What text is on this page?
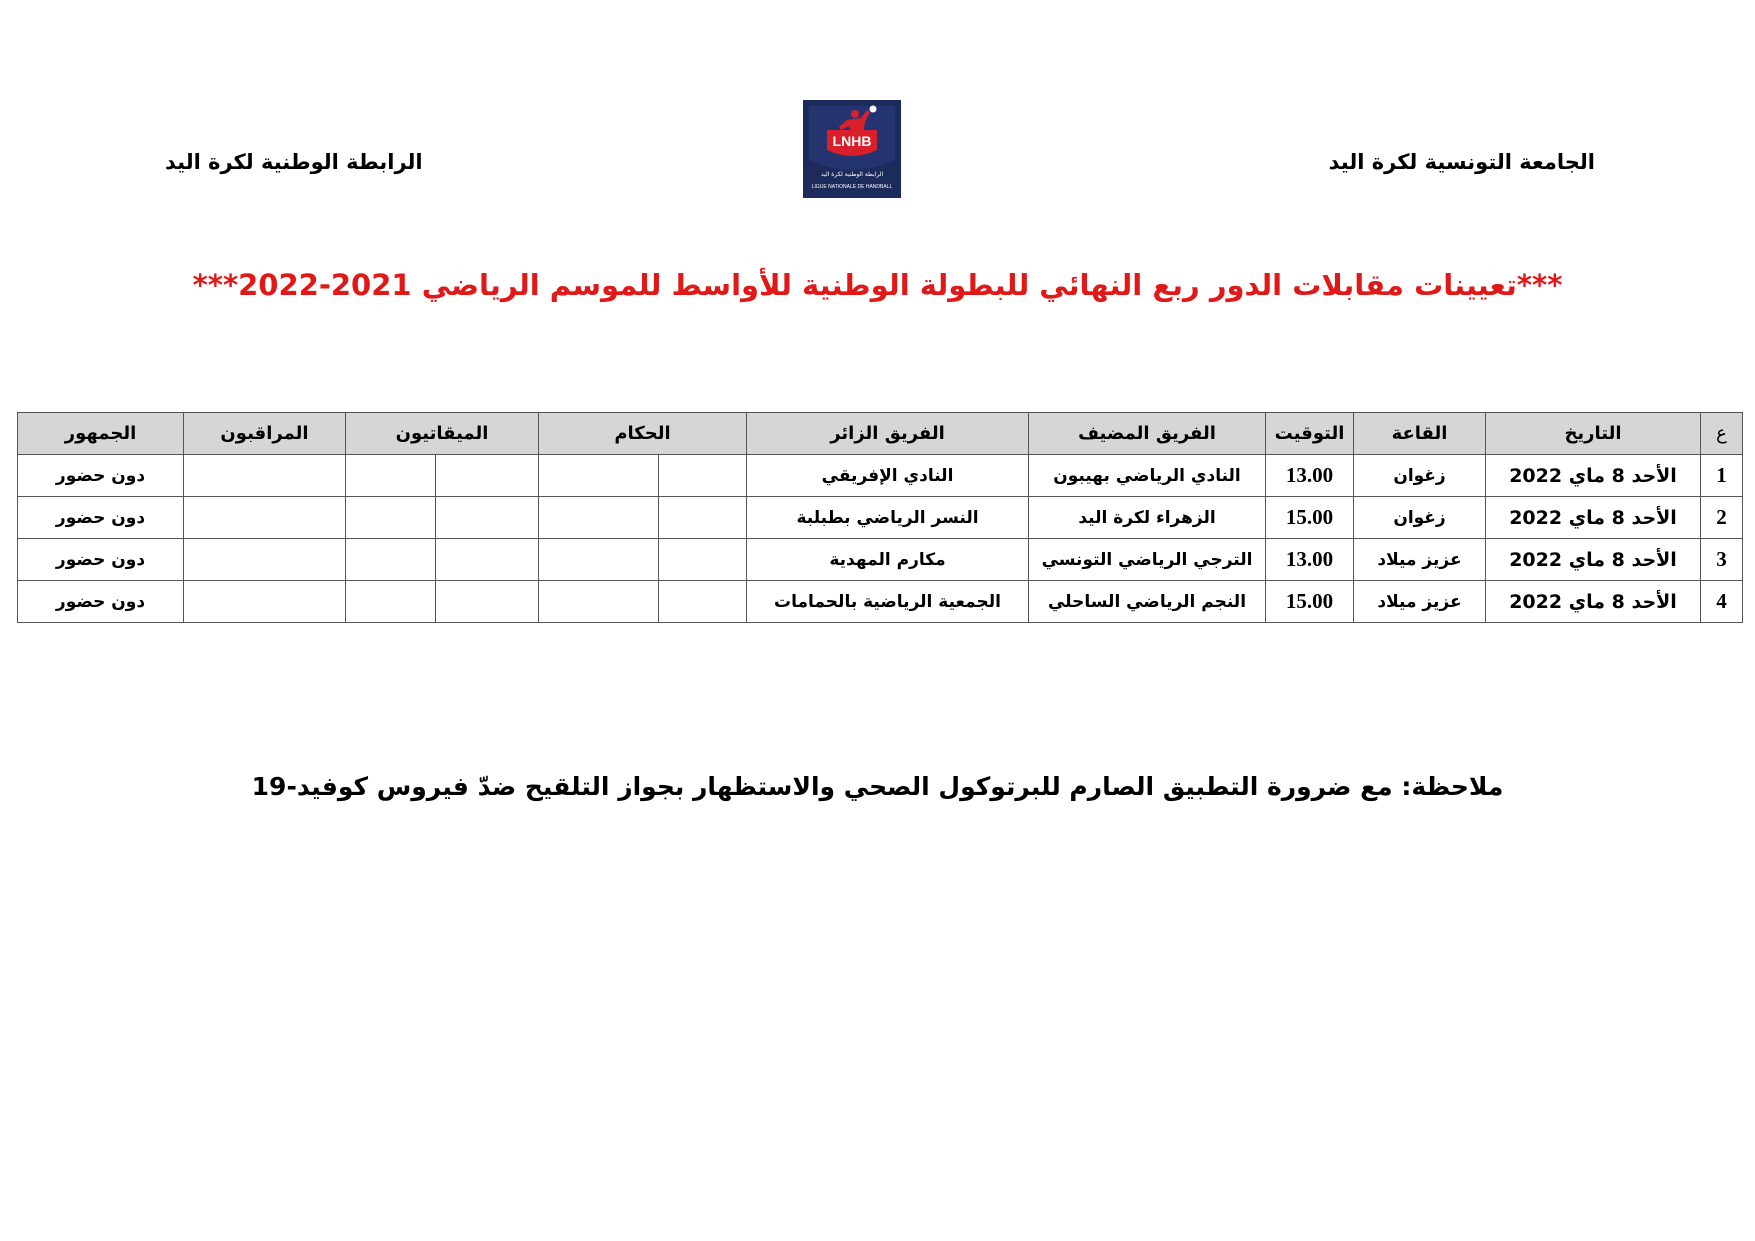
الجامعة التونسية لكرة اليد
LNHB
الرابطة الوطنية لكرة اليد
LIGUE NATIONALE DE HANDBALL
الرابطة الوطنية لكرة اليد
***تعيينات مقابلات الدور ربع النهائي للبطولة الوطنية للأواسط للموسم الرياضي 2021-2022***
ع	التاريخ	القاعة	التوقيت	الفريق المضيف	الفريق الزائر	الحكام		الميقاتيون		المراقبون	الجمهور
1	الأحد 8 ماي 2022	زغوان	13.00	النادي الرياضي بهيبون	النادي الإفريقي						دون حضور
2	الأحد 8 ماي 2022	زغوان	15.00	الزهراء لكرة اليد	النسر الرياضي بطبلبة						دون حضور
3	الأحد 8 ماي 2022	عزيز ميلاد	13.00	الترجي الرياضي التونسي	مكارم المهدية						دون حضور
4	الأحد 8 ماي 2022	عزيز ميلاد	15.00	النجم الرياضي الساحلي	الجمعية الرياضية بالحمامات						دون حضور
ملاحظة: مع ضرورة التطبيق الصارم للبرتوكول الصحي والاستظهار بجواز التلقيح ضدّ فيروس كوفيد-19
